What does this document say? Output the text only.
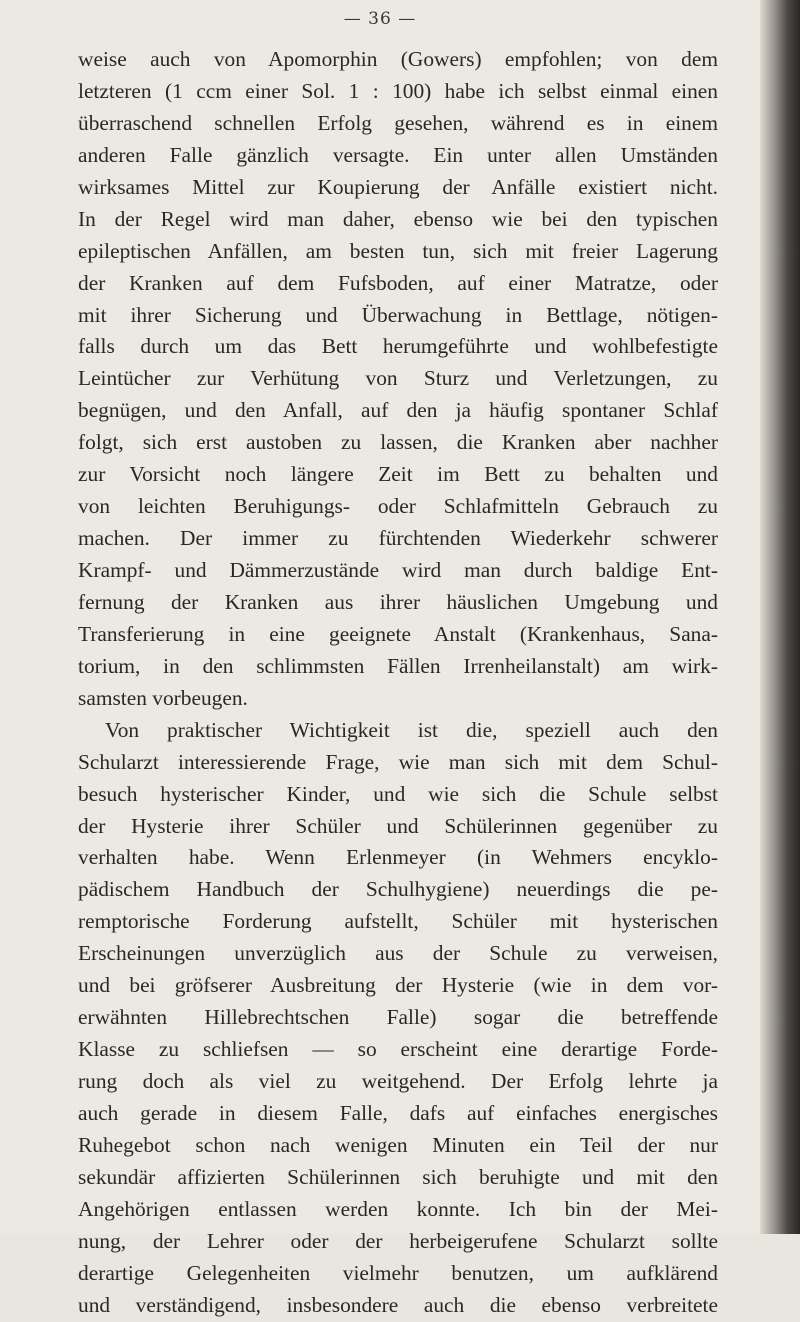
— 36 —
weise auch von Apomorphin (Gowers) empfohlen; von dem
letzteren (1 ccm einer Sol. 1 : 100) habe ich selbst einmal einen
überraschend schnellen Erfolg gesehen, während es in einem
anderen Falle gänzlich versagte. Ein unter allen Umständen
wirksames Mittel zur Koupierung der Anfälle existiert nicht.
In der Regel wird man daher, ebenso wie bei den typischen
epileptischen Anfällen, am besten tun, sich mit freier Lagerung
der Kranken auf dem Fufsboden, auf einer Matratze, oder
mit ihrer Sicherung und Überwachung in Bettlage, nötigen-
falls durch um das Bett herumgeführte und wohlbefestigte
Leintücher zur Verhütung von Sturz und Verletzungen, zu
begnügen, und den Anfall, auf den ja häufig spontaner Schlaf
folgt, sich erst austoben zu lassen, die Kranken aber nachher
zur Vorsicht noch längere Zeit im Bett zu behalten und
von leichten Beruhigungs- oder Schlafmitteln Gebrauch zu
machen. Der immer zu fürchtenden Wiederkehr schwerer
Krampf- und Dämmerzustände wird man durch baldige Ent-
fernung der Kranken aus ihrer häuslichen Umgebung und
Transferierung in eine geeignete Anstalt (Krankenhaus, Sana-
torium, in den schlimmsten Fällen Irrenheilanstalt) am wirk-
samsten vorbeugen.
Von praktischer Wichtigkeit ist die, speziell auch den
Schularzt interessierende Frage, wie man sich mit dem Schul-
besuch hysterischer Kinder, und wie sich die Schule selbst
der Hysterie ihrer Schüler und Schülerinnen gegenüber zu
verhalten habe. Wenn Erlenmeyer (in Wehmers encyklo-
pädischem Handbuch der Schulhygiene) neuerdings die pe-
remptorische Forderung aufstellt, Schüler mit hysterischen
Erscheinungen unverzüglich aus der Schule zu verweisen,
und bei gröfserer Ausbreitung der Hysterie (wie in dem vor-
erwähnten Hillebrechtschen Falle) sogar die betreffende
Klasse zu schliefsen — so erscheint eine derartige Forde-
rung doch als viel zu weitgehend. Der Erfolg lehrte ja
auch gerade in diesem Falle, dafs auf einfaches energisches
Ruhegebot schon nach wenigen Minuten ein Teil der nur
sekundär affizierten Schülerinnen sich beruhigte und mit den
Angehörigen entlassen werden konnte. Ich bin der Mei-
nung, der Lehrer oder der herbeigerufene Schularzt sollte
derartige Gelegenheiten vielmehr benutzen, um aufklärend
und verständigend, insbesondere auch die ebenso verbreitete
